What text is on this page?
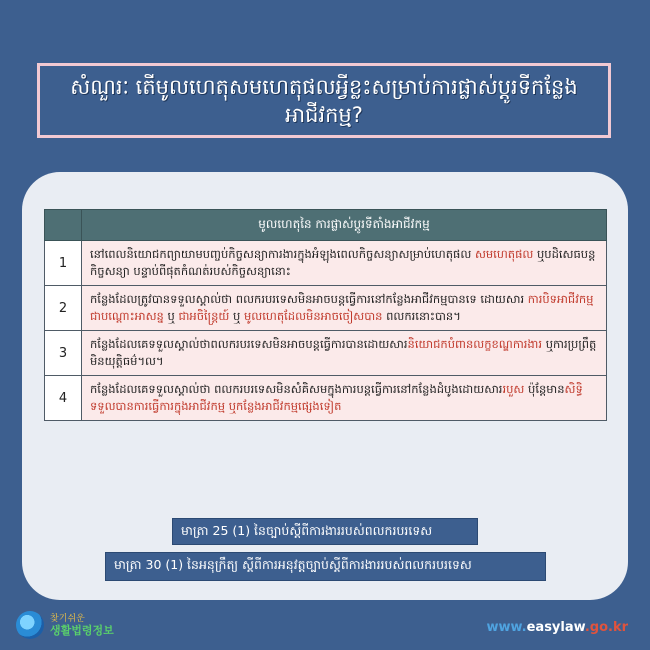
សំណួរៈ តើមូលហេតុសមហេតុផលអ្វីខ្លះសម្រាប់ការផ្លាស់ប្តូរទីកន្លែងអាជីវកម្ម?
	មូលហេតុនៃ ការផ្លាស់ប្តូរទីតាំងអាជីវកម្ម
1	នៅពេលនិយោជកព្យាយាមបញ្ចប់កិច្ចសន្យាការងារក្នុងអំឡុងពេលកិច្ចសន្យាសម្រាប់ហេតុផល សមហេតុផល ឬបដិសេធបន្តកិច្ចសន្យា បន្ទាប់ពីផុតកំណត់របស់កិច្ចសន្យានោះ
2	កន្លែងដែលត្រូវបានទទួលស្គាល់ថា ពលករបរទេសមិនអាចបន្តធ្វើការនៅកន្លែងអាជីវកម្មបានទេ ដោយសារ ការបិទអាជីវកម្មជាបណ្ដោះអាសន្ន ឬ ជាអចិន្ត្រៃយ៍ ឬ មូលហេតុដែលមិនអាចចៀសបាន ពលករនោះបាន។
3	កន្លែងដែលគេទទួលស្គាល់ថាពលករបរទេសមិនអាចបន្តធ្វើការបានដោយសារនិយោជកបំពានលក្ខខណ្ឌការងារ ឬការប្រព្រឹត្តមិនយុត្តិធម៌។ល។
4	កន្លែងដែលគេទទួលស្គាល់ថា ពលករបរទេសមិនសំគិសមក្នុងការបន្តធ្វើការនៅកន្លែងដំបូងដោយសាររបួស ប៉ុន្តែមានសិទ្ធិទទួលបានការធ្វើការក្នុងអាជីវកម្ម ឬកន្លែងអាជីវកម្មផ្សេងទៀត
មាត្រា 25 (1) នៃច្បាប់ស្តីពីការងាររបស់ពលករបរទេស
មាត្រា 30 (1) នៃអនុក្រឹត្យ ស្តីពីការអនុវត្តច្បាប់ស្តីពីការងាររបស់ពលករបរទេស
찾기쉬운
생활법령정보	www.easylaw.go.kr
